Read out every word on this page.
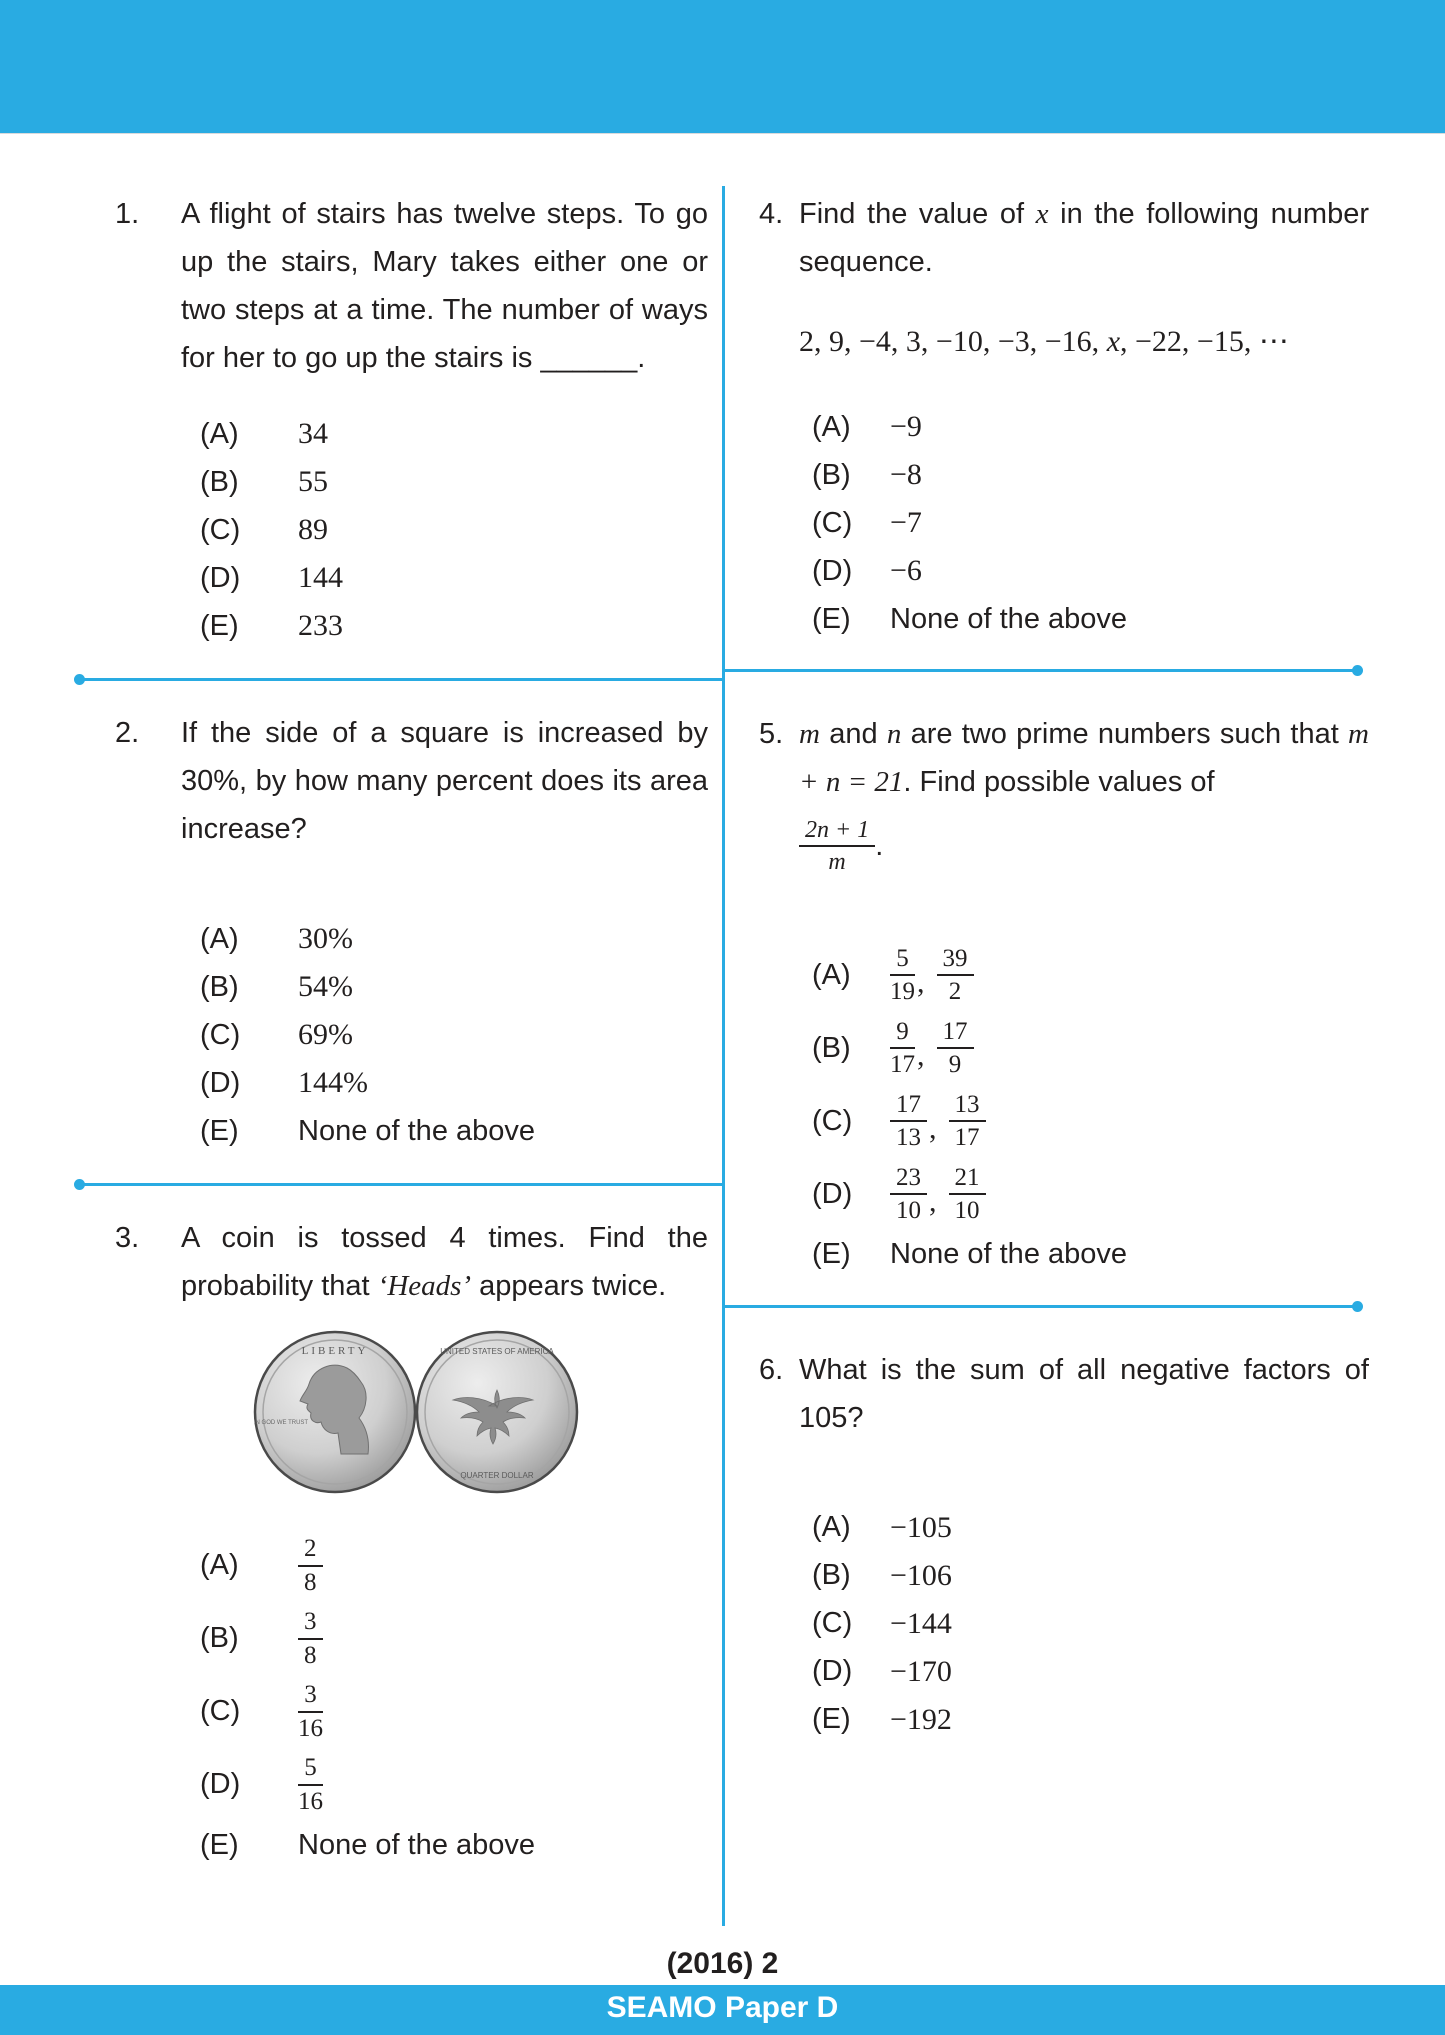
1.	A flight of stairs has twelve steps. To go up the stairs, Mary takes either one or two steps at a time. The number of ways for her to go up the stairs is ______.

(A)	34
(B)	55
(C)	89
(D)	144
(E)	233
2.	If the side of a square is increased by 30%, by how many percent does its area increase?

(A)	30%
(B)	54%
(C)	69%
(D)	144%
(E)	None of the above
3.	A coin is tossed 4 times. Find the probability that ‘Heads’ appears twice.

LIBERTY
IN GOD WE TRUST
UNITED STATES OF AMERICA
QUARTER DOLLAR
(A)	$\frac{2}{8}$
(B)	$\frac{3}{8}$
(C)	$\frac{3}{16}$
(D)	$\frac{5}{16}$
(E)	None of the above
4. Find the value of x in the following number sequence.

2, 9, −4, 3, −10, −3, −16, x, −22, −15, ⋯
(A)	−9
(B)	−8
(C)	−7
(D)	−6
(E)	None of the above
5. m and n are two prime numbers such that m + n = 21. Find possible values of

$\frac{2n + 1}{m}$ .
(A)	$\frac{5}{19}$ , $\frac{39}{2}$
(B)	$\frac{9}{17}$ , $\frac{17}{9}$
(C)	$\frac{17}{13}$ , $\frac{13}{17}$
(D)	$\frac{23}{10}$ , $\frac{21}{10}$
(E)	None of the above
6. What is the sum of all negative factors of 105?

(A)	−105
(B)	−106
(C)	−144
(D)	−170
(E)	−192
(2016) 2
SEAMO Paper D
